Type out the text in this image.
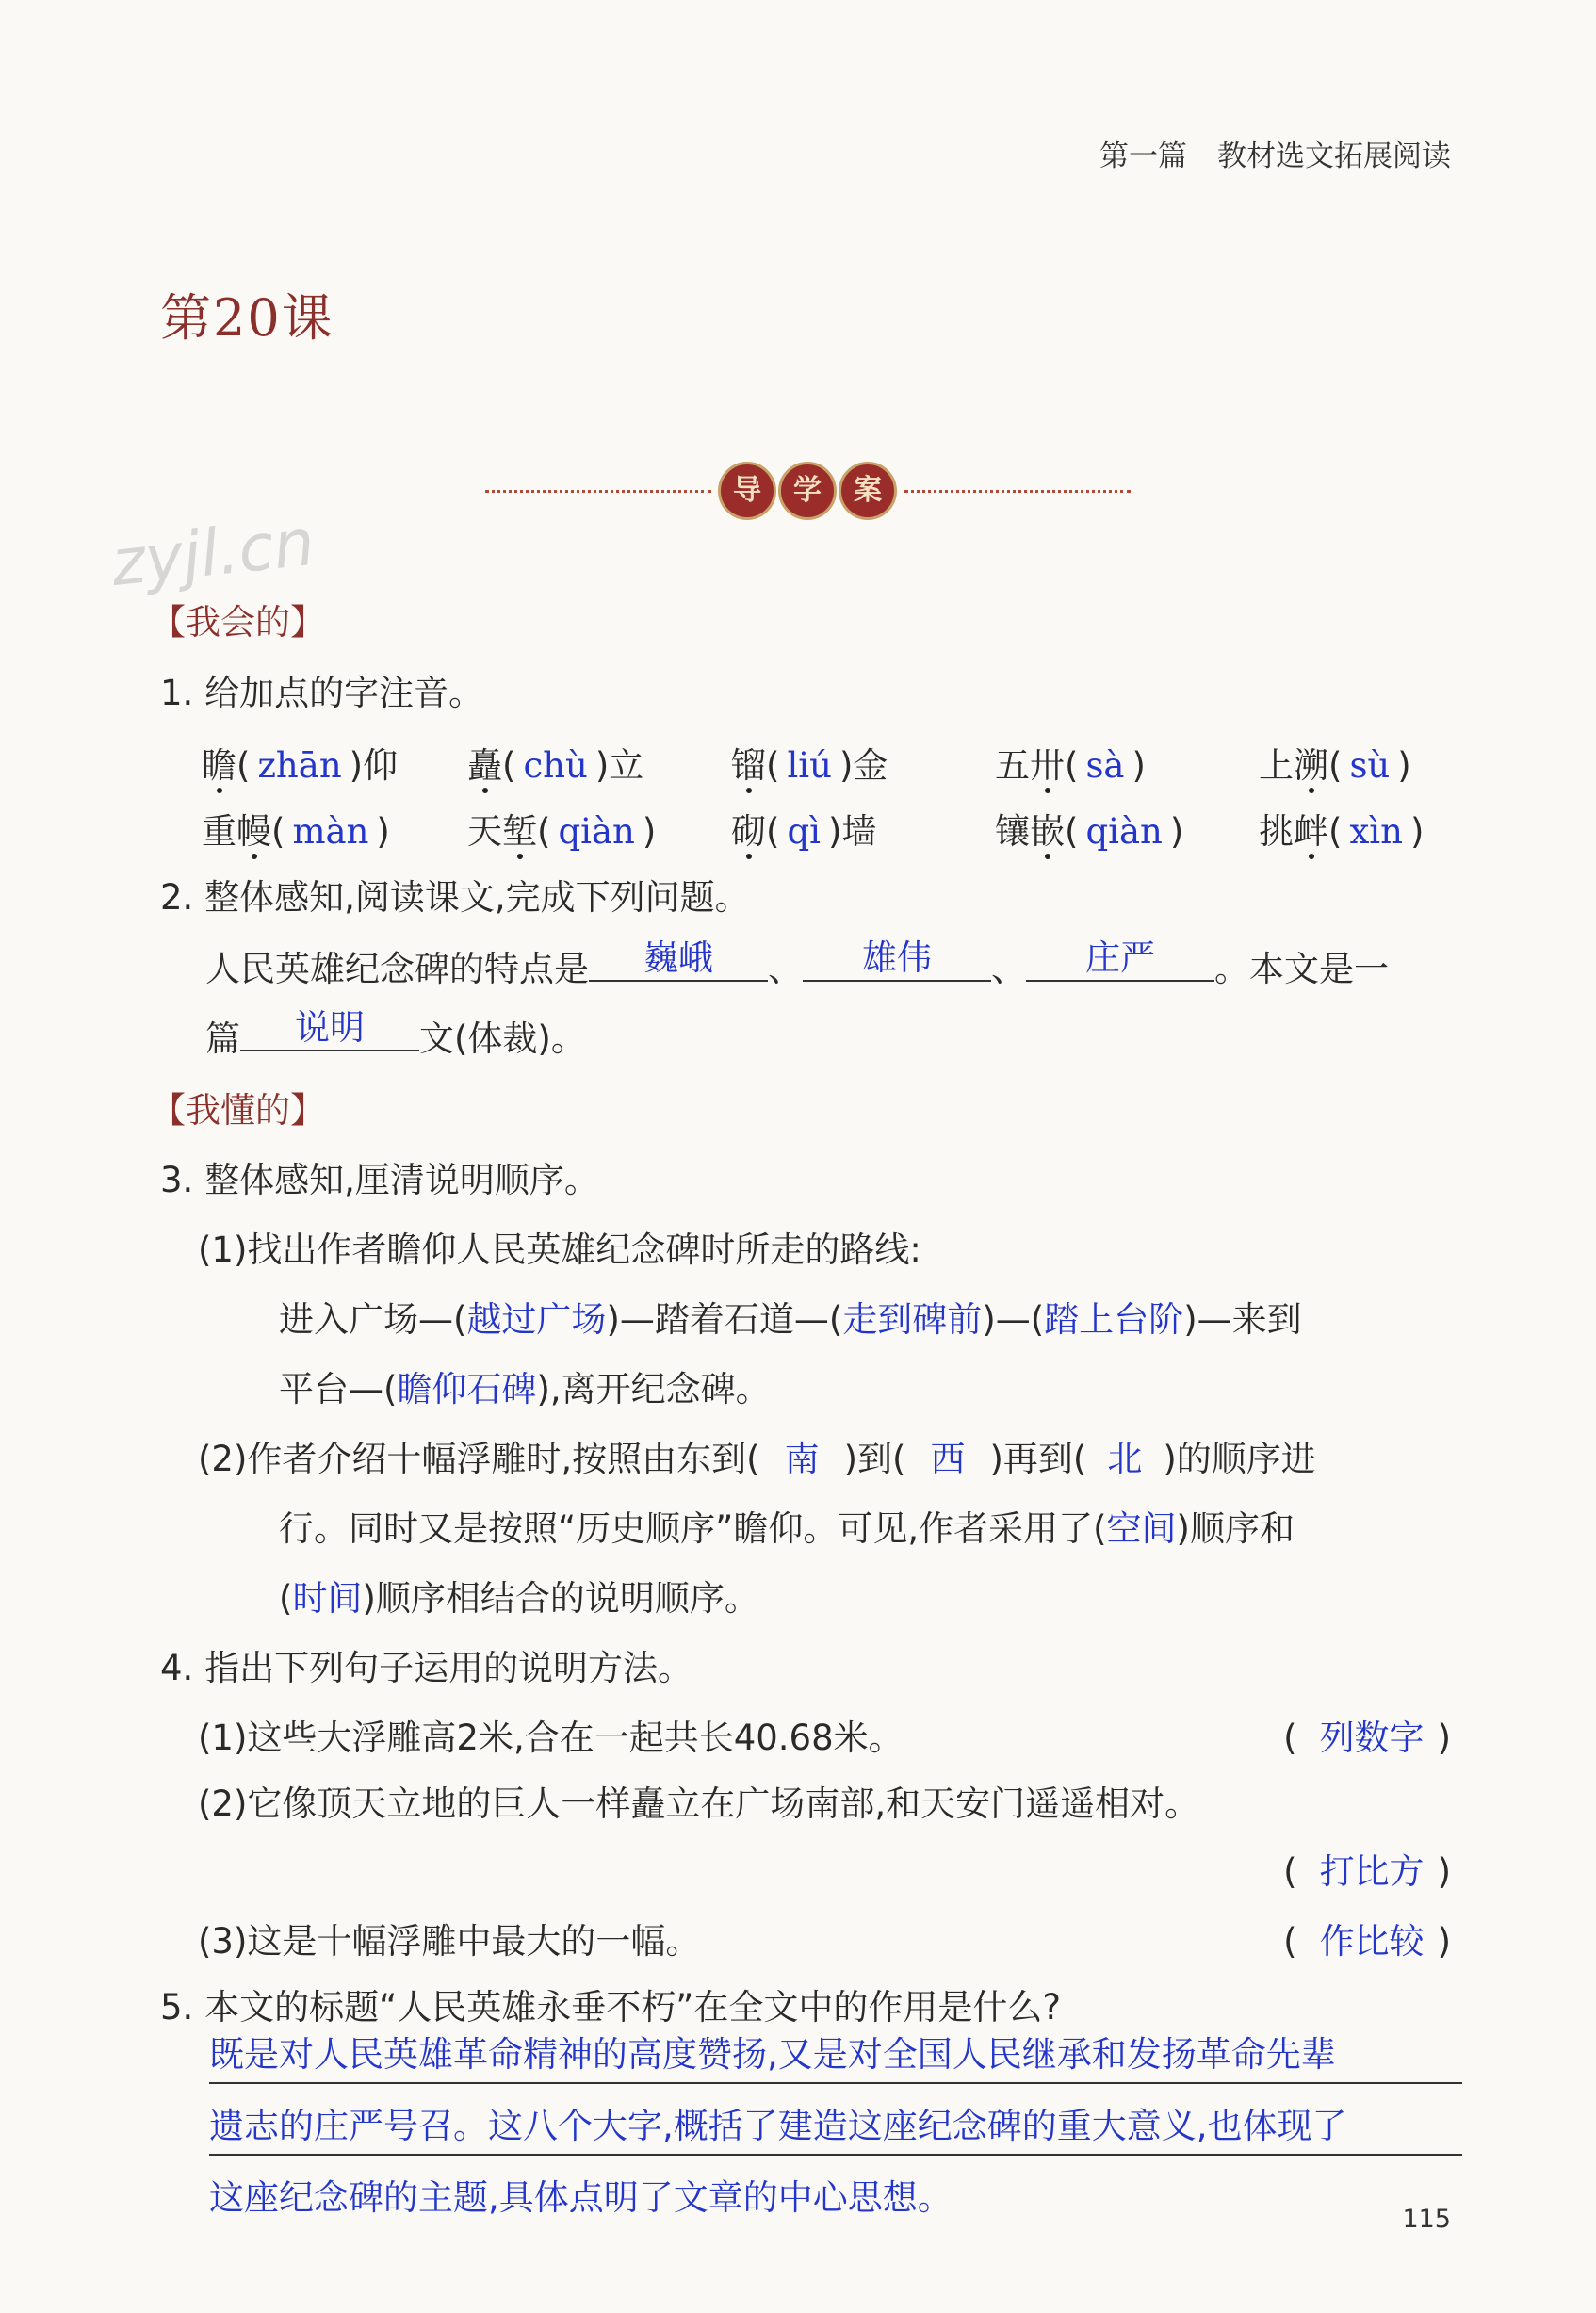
第一篇 教材选文拓展阅读
第20课
导	学	案
zyjl.cn
【我会的】
1. 给加点的字注音。
瞻( zhān )仰 矗( chù )立	镏( liú )金	五卅( sà )	上溯( sù )
重幔( màn ) 天堑( qiàn ) 砌( qì )墙	镶嵌( qiàn ) 挑衅( xìn )
2. 整体感知,阅读课文,完成下列问题。
人民英雄纪念碑的特点是 巍峨 、 雄伟 、 庄严 。本文是一
篇 说明 文(体裁)。
【我懂的】
3. 整体感知,厘清说明顺序。
(1)找出作者瞻仰人民英雄纪念碑时所走的路线:
进入广场—(越过广场)—踏着石道—(走到碑前)—(踏上台阶)—来到
平台—(瞻仰石碑),离开纪念碑。
(2)作者介绍十幅浮雕时,按照由东到( 南 )到( 西 )再到( 北 )的顺序进
行。同时又是按照“历史顺序”瞻仰。可见,作者采用了(空间)顺序和
(时间)顺序相结合的说明顺序。
4. 指出下列句子运用的说明方法。
(1)这些大浮雕高2米,合在一起共长40.68米。	( 列数字 )
(2)它像顶天立地的巨人一样矗立在广场南部,和天安门遥遥相对。
( 打比方 )
(3)这是十幅浮雕中最大的一幅。	( 作比较 )
5. 本文的标题“人民英雄永垂不朽”在全文中的作用是什么?
既是对人民英雄革命精神的高度赞扬,又是对全国人民继承和发扬革命先辈
遗志的庄严号召。这八个大字,概括了建造这座纪念碑的重大意义,也体现了
这座纪念碑的主题,具体点明了文章的中心思想。
115
